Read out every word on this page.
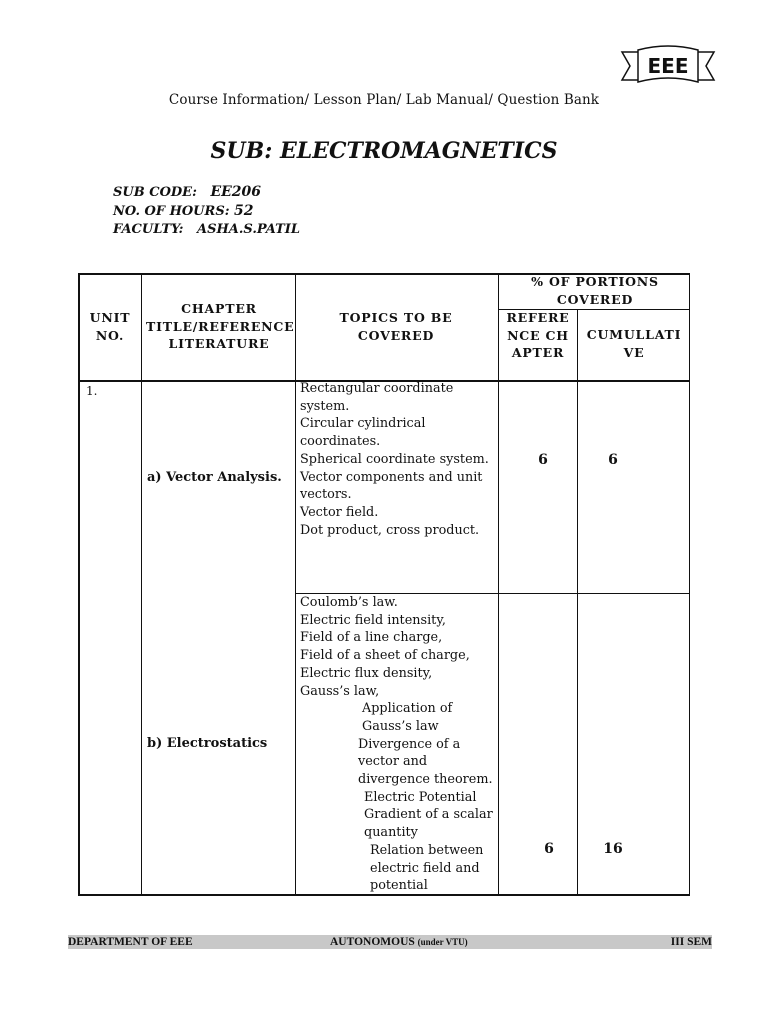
EEE
Course Information/ Lesson Plan/ Lab Manual/ Question Bank
SUB: ELECTROMAGNETICS
SUB CODE: EE206
NO. OF HOURS: 52
FACULTY: ASHA.S.PATIL
UNIT NO.
CHAPTER TITLE/REFERENCE LITERATURE
TOPICS TO BE COVERED
% OF PORTIONS COVERED
REFERENCE CHAPTER
CUMULLATIVE
1.
a) Vector Analysis.
Rectangular coordinate system.
Circular cylindrical coordinates.
Spherical coordinate system.
Vector components and unit vectors.
Vector field.
Dot product, cross product.
6	6
b) Electrostatics
Coulomb’s law.
Electric field intensity,
Field of a line charge,
Field of a sheet of charge,
Electric flux density,
Gauss’s law,
Application of Gauss’s law
Divergence of a vector and divergence theorem.
Electric Potential
Gradient of a scalar quantity
Relation between electric field and potential
6	16
DEPARTMENT OF EEE	AUTONOMOUS (under VTU)	III SEM
